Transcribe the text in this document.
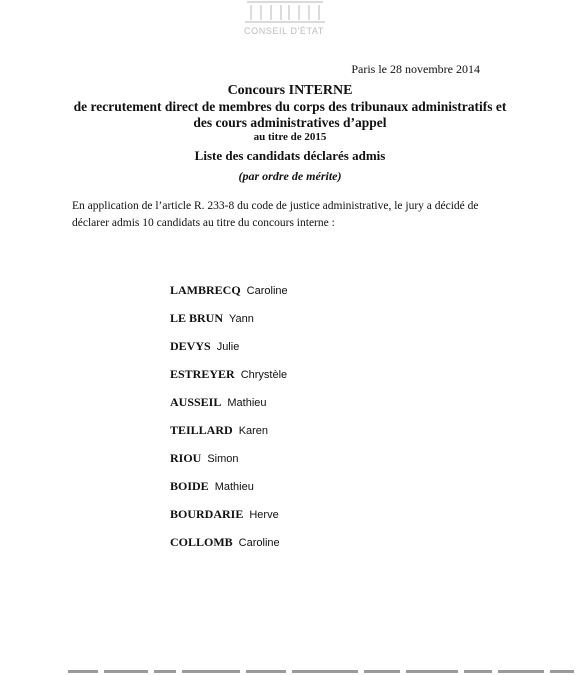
CONSEIL D'ÉTAT
Paris le 28 novembre 2014
Concours INTERNE
de recrutement direct de membres du corps des tribunaux administratifs et
des cours administratives d’appel
au titre de 2015
Liste des candidats déclarés admis
(par ordre de mérite)
En application de l’article R. 233-8 du code de justice administrative, le jury a décidé de déclarer admis 10 candidats au titre du concours interne :
LAMBRECQ Caroline
LE BRUN Yann
DEVYS Julie
ESTREYER Chrystèle
AUSSEIL Mathieu
TEILLARD Karen
RIOU Simon
BOIDE Mathieu
BOURDARIE Herve
COLLOMB Caroline
